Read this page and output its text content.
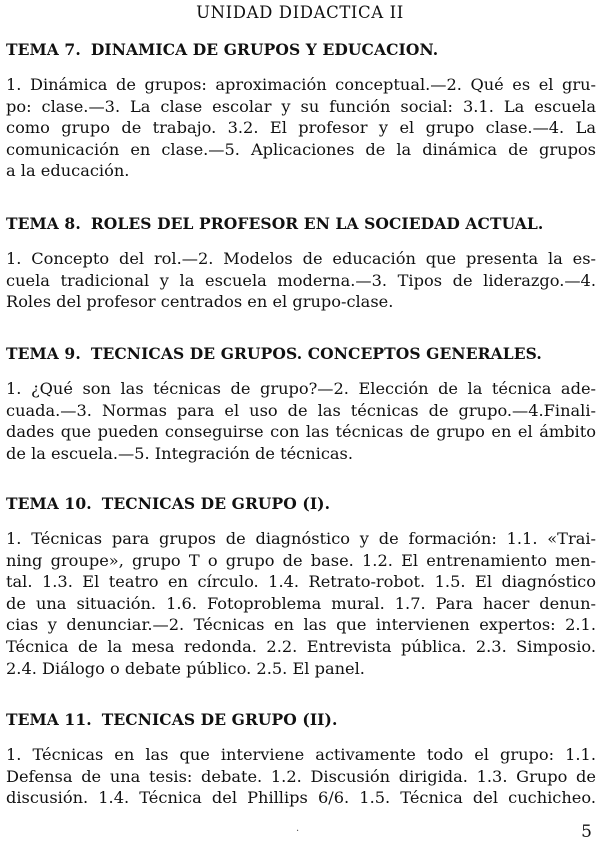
UNIDAD DIDACTICA II
TEMA 7. DINAMICA DE GRUPOS Y EDUCACION.
1. Dinámica de grupos: aproximación conceptual.—2. Qué es el gru-
po: clase.—3. La clase escolar y su función social: 3.1. La escuela
como grupo de trabajo. 3.2. El profesor y el grupo clase.—4. La
comunicación en clase.—5. Aplicaciones de la dinámica de grupos
a la educación.
TEMA 8. ROLES DEL PROFESOR EN LA SOCIEDAD ACTUAL.
1. Concepto del rol.—2. Modelos de educación que presenta la es-
cuela tradicional y la escuela moderna.—3. Tipos de liderazgo.—4.
Roles del profesor centrados en el grupo-clase.
TEMA 9. TECNICAS DE GRUPOS. CONCEPTOS GENERALES.
1. ¿Qué son las técnicas de grupo?—2. Elección de la técnica ade-
cuada.—3. Normas para el uso de las técnicas de grupo.—4.Finali-
dades que pueden conseguirse con las técnicas de grupo en el ámbito
de la escuela.—5. Integración de técnicas.
TEMA 10. TECNICAS DE GRUPO (I).
1. Técnicas para grupos de diagnóstico y de formación: 1.1. «Trai-
ning groupe», grupo T o grupo de base. 1.2. El entrenamiento men-
tal. 1.3. El teatro en círculo. 1.4. Retrato-robot. 1.5. El diagnóstico
de una situación. 1.6. Fotoproblema mural. 1.7. Para hacer denun-
cias y denunciar.—2. Técnicas en las que intervienen expertos: 2.1.
Técnica de la mesa redonda. 2.2. Entrevista pública. 2.3. Simposio.
2.4. Diálogo o debate público. 2.5. El panel.
TEMA 11. TECNICAS DE GRUPO (II).
1. Técnicas en las que interviene activamente todo el grupo: 1.1.
Defensa de una tesis: debate. 1.2. Discusión dirigida. 1.3. Grupo de
discusión. 1.4. Técnica del Phillips 6/6. 1.5. Técnica del cuchicheo.
·	5
